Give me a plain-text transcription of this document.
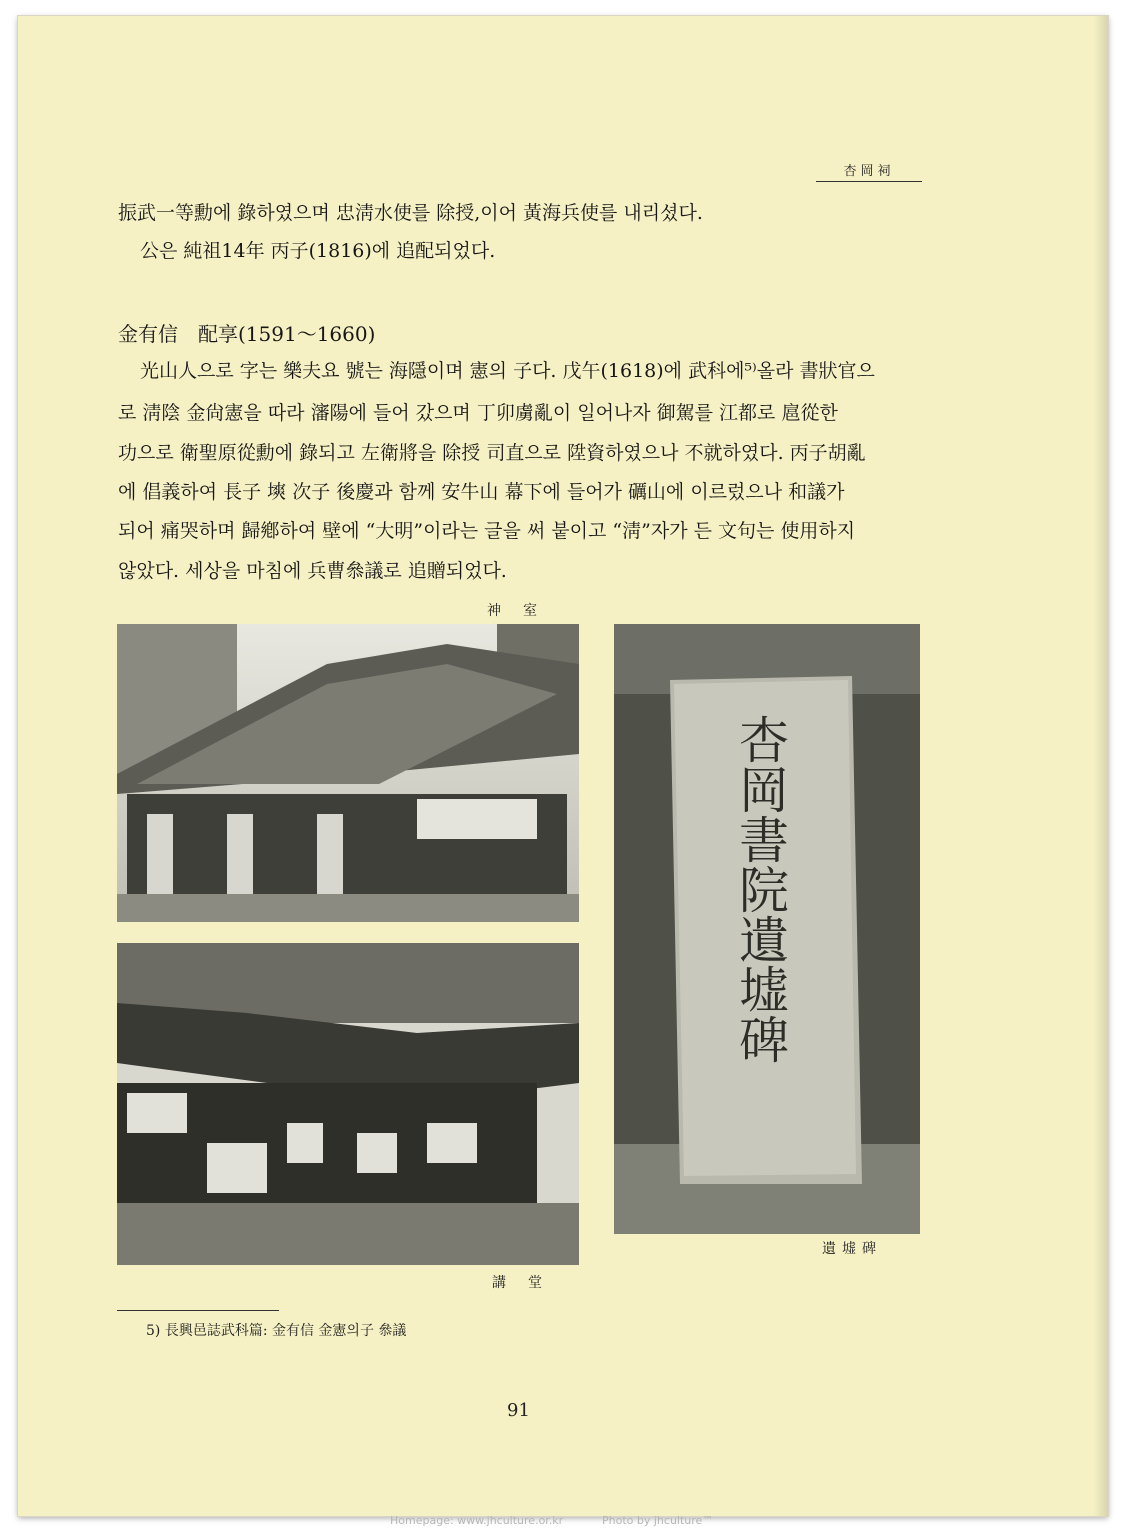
杏岡祠
振武一等勳에 錄하였으며 忠淸水使를 除授,이어 黃海兵使를 내리셨다.
公은 純祖14年 丙子(1816)에 追配되었다.
金有信　配享(1591～1660)
光山人으로 字는 樂夫요 號는 海隱이며 憲의 子다. 戊午(1618)에 武科에⁵⁾올라 書狀官으
로 淸陰 金尙憲을 따라 瀋陽에 들어 갔으며 丁卯虜亂이 일어나자 御駕를 江都로 扈從한
功으로 衛聖原從勳에 錄되고 左衛將을 除授 司直으로 陞資하였으나 不就하였다. 丙子胡亂
에 倡義하여 長子 塽 次子 後慶과 함께 安牛山 幕下에 들어가 礪山에 이르렀으나 和議가
되어 痛哭하며 歸鄕하여 壁에 “大明”이라는 글을 써 붙이고 “淸”자가 든 文句는 使用하지
않았다. 세상을 마침에 兵曹叅議로 追贈되었다.
神室
杏岡書院遺墟碑
遺墟碑
講堂
5) 長興邑誌武科篇: 金有信 金憲의子 叅議
91
Homepage: www.jhculture.or.kr	Photo by jhculture™
